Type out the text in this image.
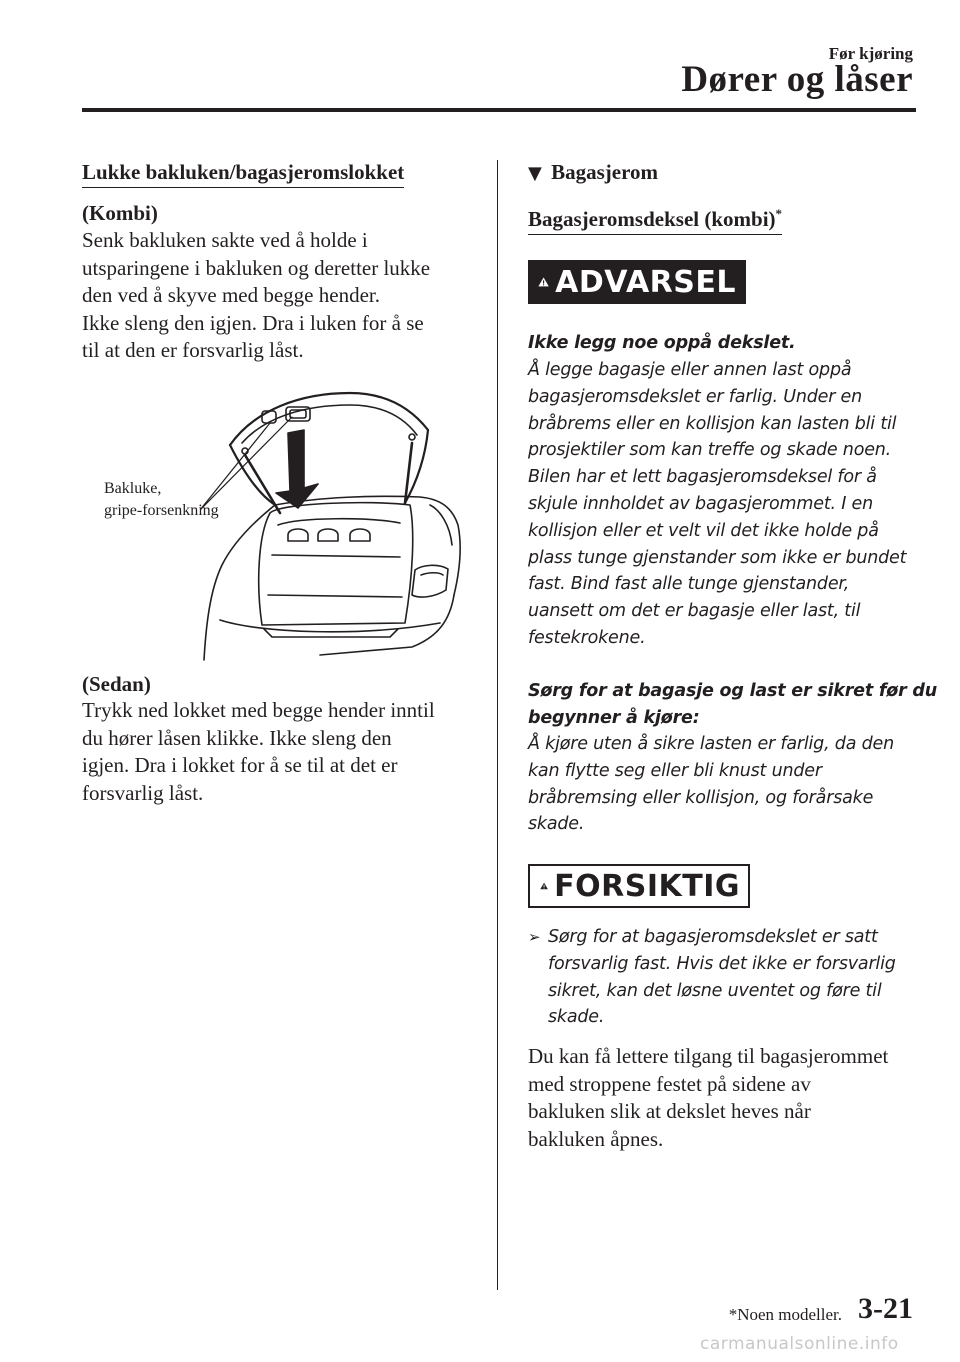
Før kjøring
Dører og låser
Lukke bakluken/bagasjeromslokket
(Kombi)
Senk bakluken sakte ved å holde i
utsparingene i bakluken og deretter lukke
den ved å skyve med begge hender.
Ikke sleng den igjen. Dra i luken for å se
til at den er forsvarlig låst.
Bakluke,
gripe-forsenkning
(Sedan)
Trykk ned lokket med begge hender inntil
du hører låsen klikke. Ikke sleng den
igjen. Dra i lokket for å se til at det er
forsvarlig låst.
▼ Bagasjerom
Bagasjeromsdeksel (kombi)*
ADVARSEL
Ikke legg noe oppå dekslet.
Å legge bagasje eller annen last oppå
bagasjeromsdekslet er farlig. Under en
bråbrems eller en kollisjon kan lasten bli til
prosjektiler som kan treffe og skade noen.
Bilen har et lett bagasjeromsdeksel for å
skjule innholdet av bagasjerommet. I en
kollisjon eller et velt vil det ikke holde på
plass tunge gjenstander som ikke er bundet
fast. Bind fast alle tunge gjenstander,
uansett om det er bagasje eller last, til
festekrokene.
Sørg for at bagasje og last er sikret før du
begynner å kjøre:
Å kjøre uten å sikre lasten er farlig, da den
kan flytte seg eller bli knust under
bråbremsing eller kollisjon, og forårsake
skade.
FORSIKTIG
➢ Sørg for at bagasjeromsdekslet er satt
forsvarlig fast. Hvis det ikke er forsvarlig
sikret, kan det løsne uventet og føre til
skade.
Du kan få lettere tilgang til bagasjerommet
med stroppene festet på sidene av
bakluken slik at dekslet heves når
bakluken åpnes.
*Noen modeller. 3-21
carmanualsonline.info
